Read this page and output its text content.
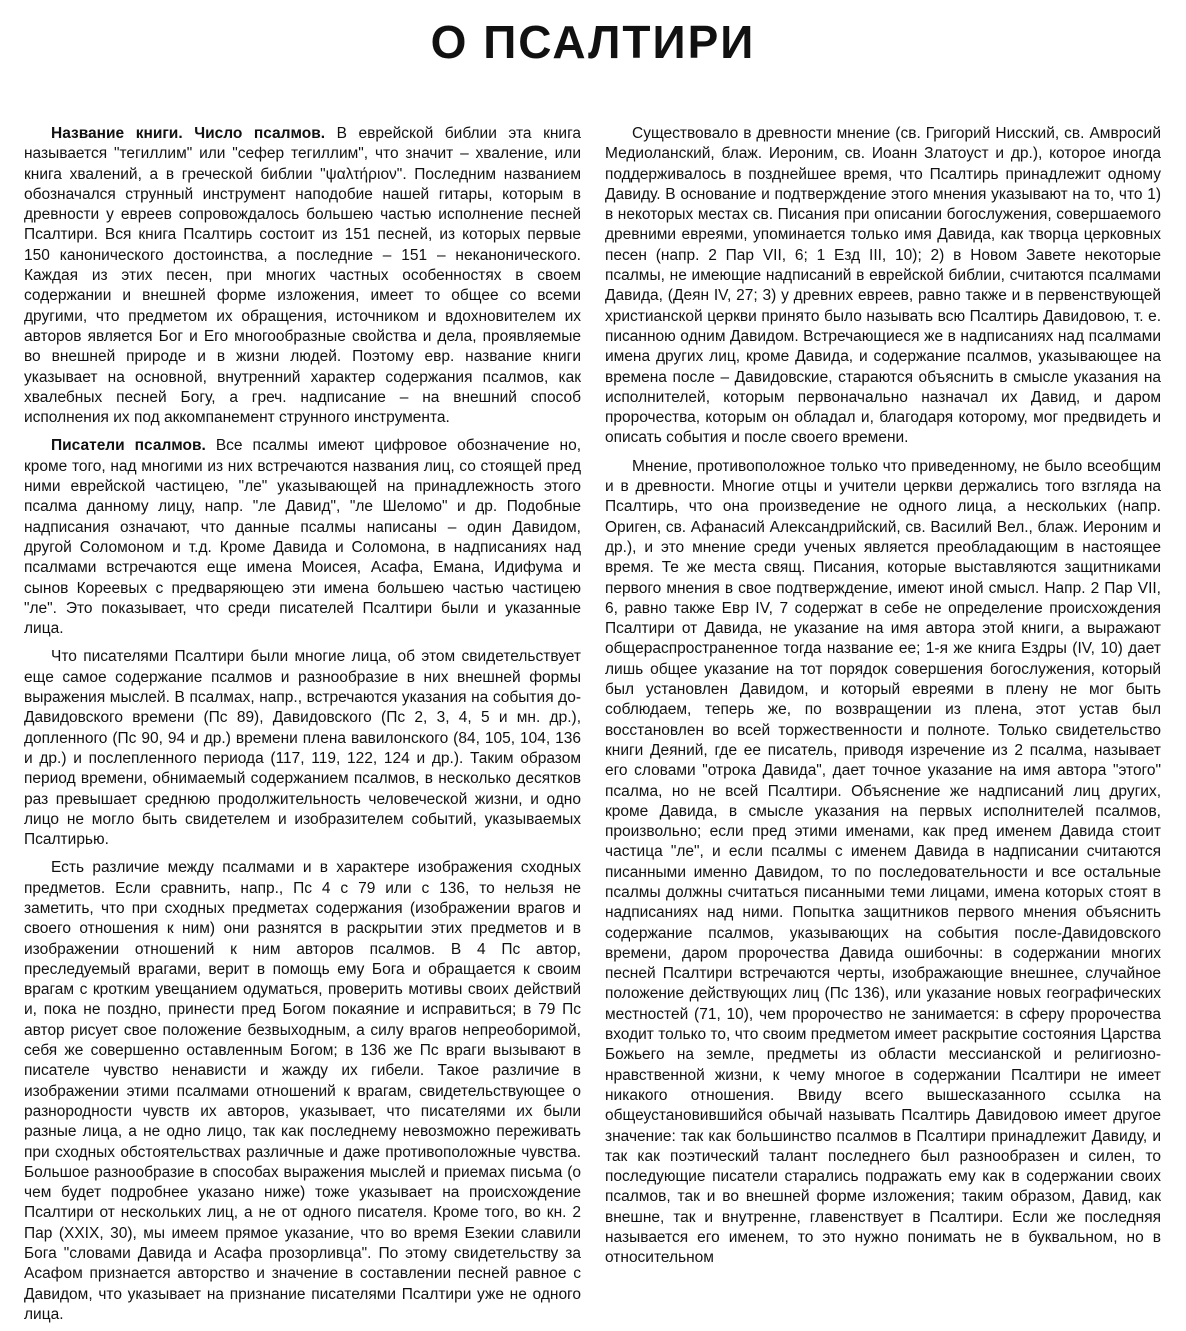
О ПСАЛТИРИ

Название книги. Число псалмов. В еврейской библии эта книга называется "тегиллим" или "сефер тегиллим", что значит – хваление, или книга хвалений, а в греческой библии "ψαλτήριον". Последним названием обозначался струнный инструмент наподобие нашей гитары, которым в древности у евреев сопровождалось большею частью исполнение песней Псалтири. Вся книга Псалтирь состоит из 151 песней, из которых первые 150 канонического достоинства, а последние – 151 – неканонического. Каждая из этих песен, при многих частных особенностях в своем содержании и внешней форме изложения, имеет то общее со всеми другими, что предметом их обращения, источником и вдохновителем их авторов является Бог и Его многообразные свойства и дела, проявляемые во внешней природе и в жизни людей. Поэтому евр. название книги указывает на основной, внутренний характер содержания псалмов, как хвалебных песней Богу, а греч. надписание – на внешний способ исполнения их под аккомпанемент струнного инструмента.

Писатели псалмов. Все псалмы имеют цифровое обозначение но, кроме того, над многими из них встречаются названия лиц, со стоящей пред ними еврейской частицею, "ле" указывающей на принадлежность этого псалма данному лицу, напр. "ле Давид", "ле Шеломо" и др. Подобные надписания означают, что данные псалмы написаны – один Давидом, другой Соломоном и т.д. Кроме Давида и Соломона, в надписаниях над псалмами встречаются еще имена Моисея, Асафа, Емана, Идифума и сынов Кореевых с предваряющею эти имена большею частью частицею "ле". Это показывает, что среди писателей Псалтири были и указанные лица.

Что писателями Псалтири были многие лица, об этом свидетельствует еще самое содержание псалмов и разнообразие в них внешней формы выражения мыслей. В псалмах, напр., встречаются указания на события до-Давидовского времени (Пс 89), Давидовского (Пс 2, 3, 4, 5 и мн. др.), допленного (Пс 90, 94 и др.) времени плена вавилонского (84, 105, 104, 136 и др.) и послепленного периода (117, 119, 122, 124 и др.). Таким образом период времени, обнимаемый содержанием псалмов, в несколько десятков раз превышает среднюю продолжительность человеческой жизни, и одно лицо не могло быть свидетелем и изобразителем событий, указываемых Псалтирью.

Есть различие между псалмами и в характере изображения сходных предметов. Если сравнить, напр., Пс 4 с 79 или с 136, то нельзя не заметить, что при сходных предметах содержания (изображении врагов и своего отношения к ним) они разнятся в раскрытии этих предметов и в изображении отношений к ним авторов псалмов. В 4 Пс автор, преследуемый врагами, верит в помощь ему Бога и обращается к своим врагам с кротким увещанием одуматься, проверить мотивы своих действий и, пока не поздно, принести пред Богом покаяние и исправиться; в 79 Пс автор рисует свое положение безвыходным, а силу врагов непреоборимой, себя же совершенно оставленным Богом; в 136 же Пс враги вызывают в писателе чувство ненависти и жажду их гибели. Такое различие в изображении этими псалмами отношений к врагам, свидетельствующее о разнородности чувств их авторов, указывает, что писателями их были разные лица, а не одно лицо, так как последнему невозможно переживать при сходных обстоятельствах различные и даже противоположные чувства. Большое разнообразие в способах выражения мыслей и приемах письма (о чем будет подробнее указано ниже) тоже указывает на происхождение Псалтири от нескольких лиц, а не от одного писателя. Кроме того, во кн. 2 Пар (XXIX, 30), мы имеем прямое указание, что во время Езекии славили Бога "словами Давида и Асафа прозорливца". По этому свидетельству за Асафом признается авторство и значение в составлении песней равное с Давидом, что указывает на признание писателями Псалтири уже не одного лица.

Существовало в древности мнение (св. Григорий Нисский, св. Амвросий Медиоланский, блаж. Иероним, св. Иоанн Златоуст и др.), которое иногда поддерживалось в позднейшее время, что Псалтирь принадлежит одному Давиду. В основание и подтверждение этого мнения указывают на то, что 1) в некоторых местах св. Писания при описании богослужения, совершаемого древними евреями, упоминается только имя Давида, как творца церковных песен (напр. 2 Пар VII, 6; 1 Езд III, 10); 2) в Новом Завете некоторые псалмы, не имеющие надписаний в еврейской библии, считаются псалмами Давида, (Деян IV, 27; 3) у древних евреев, равно также и в первенствующей христианской церкви принято было называть всю Псалтирь Давидовою, т. е. писанною одним Давидом. Встречающиеся же в надписаниях над псалмами имена других лиц, кроме Давида, и содержание псалмов, указывающее на времена после – Давидовские, стараются объяснить в смысле указания на исполнителей, которым первоначально назначал их Давид, и даром пророчества, которым он обладал и, благодаря которому, мог предвидеть и описать события и после своего времени.

Мнение, противоположное только что приведенному, не было всеобщим и в древности. Многие отцы и учители церкви держались того взгляда на Псалтирь, что она произведение не одного лица, а нескольких (напр. Ориген, св. Афанасий Александрийский, св. Василий Вел., блаж. Иероним и др.), и это мнение среди ученых является преобладающим в настоящее время. Те же места свящ. Писания, которые выставляются защитниками первого мнения в свое подтверждение, имеют иной смысл. Напр. 2 Пар VII, 6, равно также Евр IV, 7 содержат в себе не определение происхождения Псалтири от Давида, не указание на имя автора этой книги, а выражают общераспространенное тогда название ее; 1-я же книга Ездры (IV, 10) дает лишь общее указание на тот порядок совершения богослужения, который был установлен Давидом, и который евреями в плену не мог быть соблюдаем, теперь же, по возвращении из плена, этот устав был восстановлен во всей торжественности и полноте. Только свидетельство книги Деяний, где ее писатель, приводя изречение из 2 псалма, называет его словами "отрока Давида", дает точное указание на имя автора "этого" псалма, но не всей Псалтири. Объяснение же надписаний лиц других, кроме Давида, в смысле указания на первых исполнителей псалмов, произвольно; если пред этими именами, как пред именем Давида стоит частица "ле", и если псалмы с именем Давида в надписании считаются писанными именно Давидом, то по последовательности и все остальные псалмы должны считаться писанными теми лицами, имена которых стоят в надписаниях над ними. Попытка защитников первого мнения объяснить содержание псалмов, указывающих на события после-Давидовского времени, даром пророчества Давида ошибочны: в содержании многих песней Псалтири встречаются черты, изображающие внешнее, случайное положение действующих лиц (Пс 136), или указание новых географических местностей (71, 10), чем пророчество не занимается: в сферу пророчества входит только то, что своим предметом имеет раскрытие состояния Царства Божьего на земле, предметы из области мессианской и религиозно-нравственной жизни, к чему многое в содержании Псалтири не имеет никакого отношения. Ввиду всего вышесказанного ссылка на общеустановившийся обычай называть Псалтирь Давидовою имеет другое значение: так как большинство псалмов в Псалтири принадлежит Давиду, и так как поэтический талант последнего был разнообразен и силен, то последующие писатели старались подражать ему как в содержании своих псалмов, так и во внешней форме изложения; таким образом, Давид, как внешне, так и внутренне, главенствует в Псалтири. Если же последняя называется его именем, то это нужно понимать не в буквальном, но в относительном
